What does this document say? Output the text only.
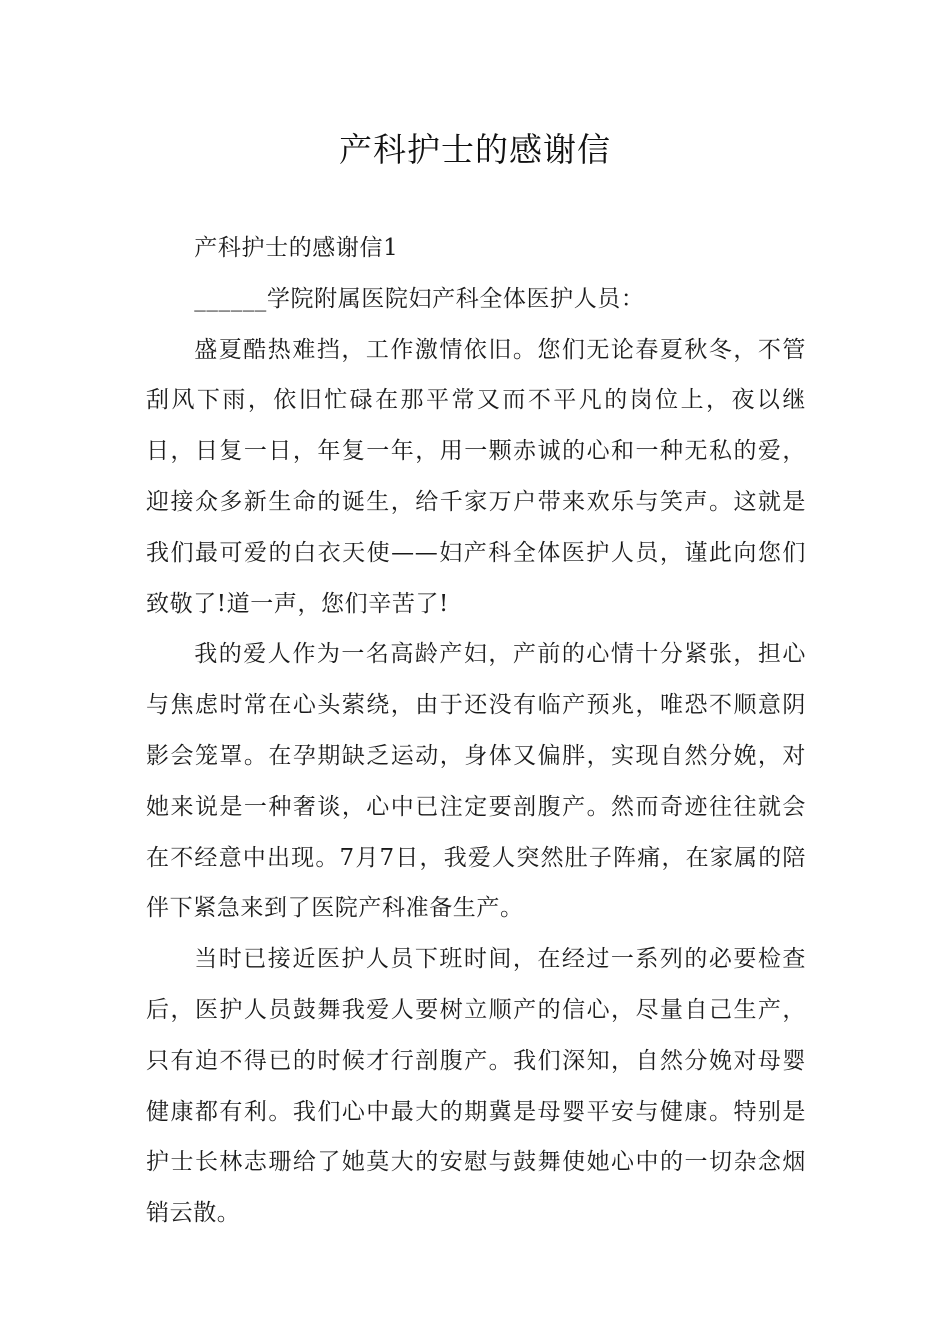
产科护士的感谢信

产科护士的感谢信1

______学院附属医院妇产科全体医护人员：

盛夏酷热难挡，工作激情依旧。您们无论春夏秋冬，不管刮风下雨，依旧忙碌在那平常又而不平凡的岗位上，夜以继日，日复一日，年复一年，用一颗赤诚的心和一种无私的爱，迎接众多新生命的诞生，给千家万户带来欢乐与笑声。这就是我们最可爱的白衣天使——妇产科全体医护人员，谨此向您们致敬了!道一声，您们辛苦了!

我的爱人作为一名高龄产妇，产前的心情十分紧张，担心与焦虑时常在心头萦绕，由于还没有临产预兆，唯恐不顺意阴影会笼罩。在孕期缺乏运动，身体又偏胖，实现自然分娩，对她来说是一种奢谈，心中已注定要剖腹产。然而奇迹往往就会在不经意中出现。7月7日，我爱人突然肚子阵痛，在家属的陪伴下紧急来到了医院产科准备生产。

当时已接近医护人员下班时间，在经过一系列的必要检查后，医护人员鼓舞我爱人要树立顺产的信心，尽量自己生产，只有迫不得已的时候才行剖腹产。我们深知，自然分娩对母婴健康都有利。我们心中最大的期冀是母婴平安与健康。特别是护士长林志珊给了她莫大的安慰与鼓舞使她心中的一切杂念烟销云散。
